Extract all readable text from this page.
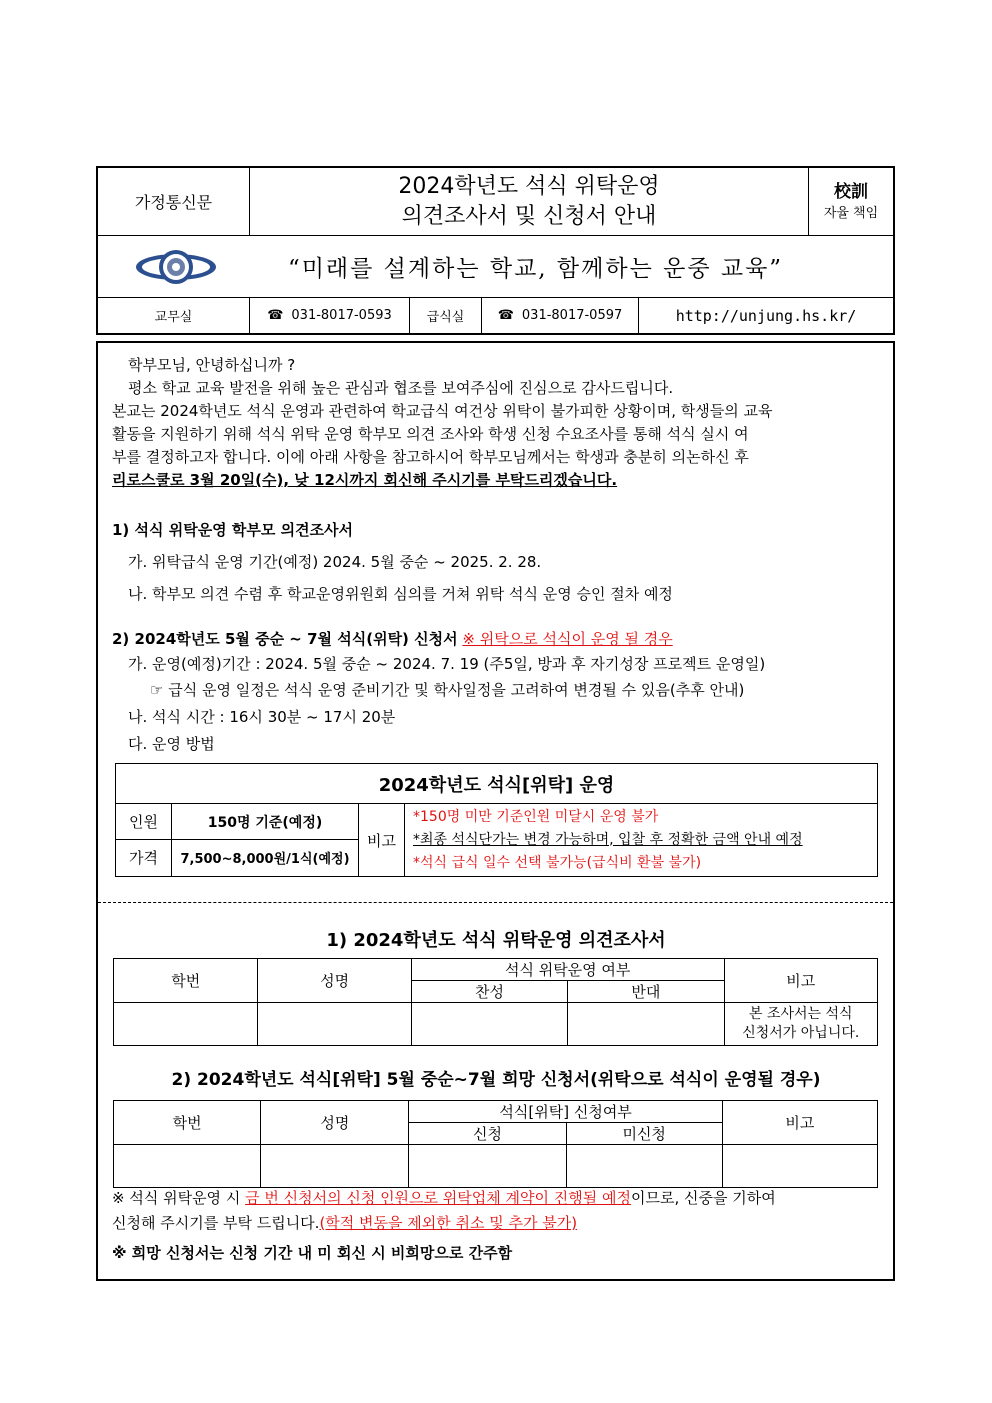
가정통신문
2024학년도 석식 위탁운영
의견조사서 및 신청서 안내
校訓
자율 책임
“미래를 설계하는 학교, 함께하는 운중 교육”
교무실	☎ 031-8017-0593	급식실	☎ 031-8017-0597	http://unjung.hs.kr/
학부모님, 안녕하십니까 ?
평소 학교 교육 발전을 위해 높은 관심과 협조를 보여주심에 진심으로 감사드립니다.
본교는 2024학년도 석식 운영과 관련하여 학교급식 여건상 위탁이 불가피한 상황이며, 학생들의 교육
활동을 지원하기 위해 석식 위탁 운영 학부모 의견 조사와 학생 신청 수요조사를 통해 석식 실시 여
부를 결정하고자 합니다. 이에 아래 사항을 참고하시어 학부모님께서는 학생과 충분히 의논하신 후
리로스쿨로 3월 20일(수), 낮 12시까지 회신해 주시기를 부탁드리겠습니다.
1) 석식 위탁운영 학부모 의견조사서
가. 위탁급식 운영 기간(예정) 2024. 5월 중순 ~ 2025. 2. 28.
나. 학부모 의견 수렴 후 학교운영위원회 심의를 거쳐 위탁 석식 운영 승인 절차 예정
2) 2024학년도 5월 중순 ~ 7월 석식(위탁) 신청서 ※ 위탁으로 석식이 운영 될 경우
가. 운영(예정)기간 : 2024. 5월 중순 ~ 2024. 7. 19 (주5일, 방과 후 자기성장 프로젝트 운영일)
☞ 급식 운영 일정은 석식 운영 준비기간 및 학사일정을 고려하여 변경될 수 있음(추후 안내)
나. 석식 시간 : 16시 30분 ~ 17시 20분
다. 운영 방법
2024학년도 석식[위탁] 운영			
인원	150명 기준(예정)	비고	*150명 미만 기준인원 미달시 운영 불가
*최종 석식단가는 변경 가능하며, 입찰 후 정확한 금액 안내 예정
*석식 급식 일수 선택 불가능(급식비 환불 불가)

가격	7,500~8,000원/1식(예정)		
1) 2024학년도 석식 위탁운영 의견조사서
학번	성명	석식 위탁운영 여부		비고
		찬성	반대	

				본 조사서는 석식
신청서가 아닙니다.
2) 2024학년도 석식[위탁] 5월 중순~7월 희망 신청서(위탁으로 석식이 운영될 경우)
학번	성명	석식[위탁] 신청여부		비고
		신청	미신청	

※ 석식 위탁운영 시 금 번 신청서의 신청 인원으로 위탁업체 계약이 진행될 예정이므로, 신중을 기하여
신청해 주시기를 부탁 드립니다.(학적 변동을 제외한 취소 및 추가 불가)
※ 희망 신청서는 신청 기간 내 미 회신 시 비희망으로 간주함
